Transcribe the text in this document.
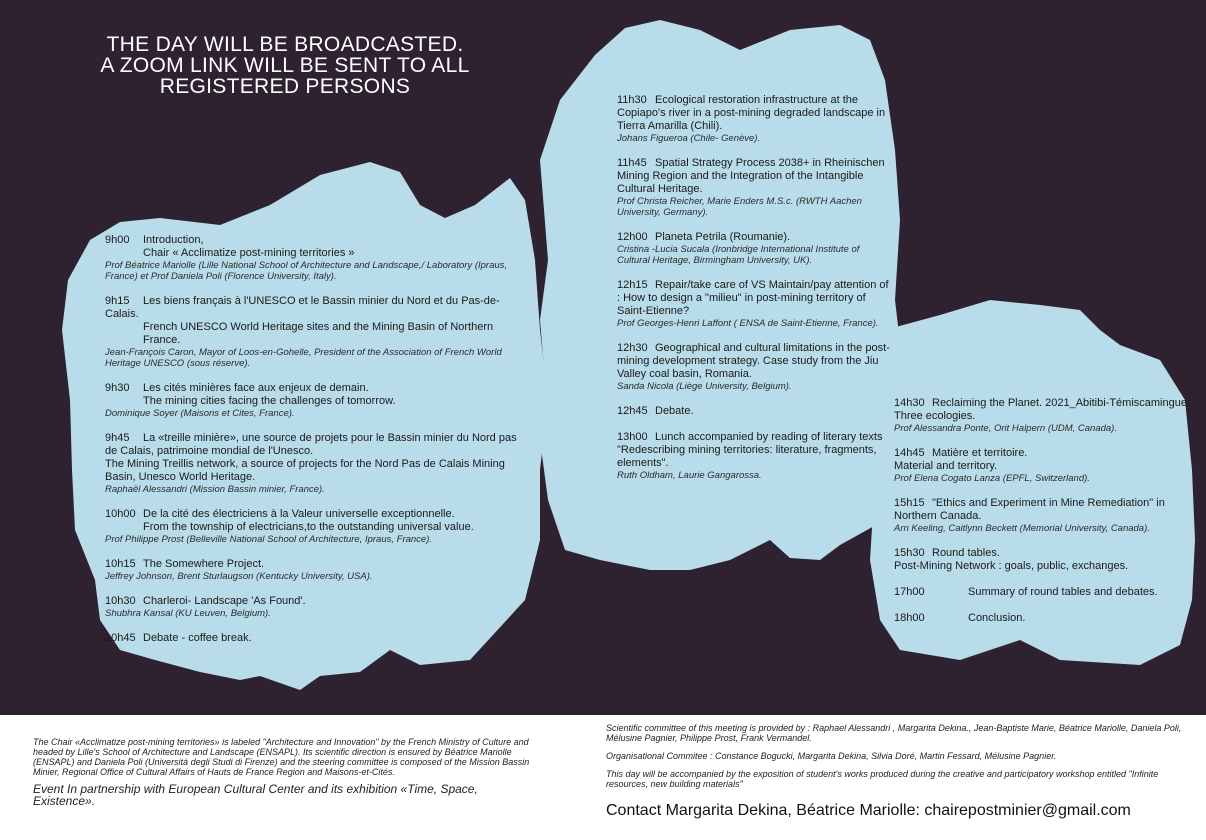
THE DAY WILL BE BROADCASTED.
A ZOOM LINK WILL BE SENT TO ALL
REGISTERED PERSONS
9h00 Introduction,
Chair « Acclimatize post-mining territories »
Prof Béatrice Mariolle (Lille National School of Architecture and Landscape,/ Laboratory (Ipraus, France) et Prof Daniela Poli (Florence University, Italy).
9h15 Les biens français à l'UNESCO et le Bassin minier du Nord et du Pas-de-Calais.
French UNESCO World Heritage sites and the Mining Basin of Northern France.
Jean-François Caron, Mayor of Loos-en-Gohelle, President of the Association of French World Heritage UNESCO (sous réserve).
9h30 Les cités minières face aux enjeux de demain.
The mining cities facing the challenges of tomorrow.
Dominique Soyer (Maisons et Cites, France).
9h45 La «treille minière», une source de projets pour le Bassin minier du Nord pas de Calais, patrimoine mondial de l'Unesco.
The Mining Treillis network, a source of projects for the Nord Pas de Calais Mining Basin, Unesco World Heritage.
Raphaël Alessandri (Mission Bassin minier, France).
10h00 De la cité des électriciens à la Valeur universelle exceptionnelle.
From the township of electricians,to the outstanding universal value.
Prof Philippe Prost (Belleville National School of Architecture, Ipraus, France).
10h15 The Somewhere Project.
Jeffrey Johnson, Brent Sturlaugson (Kentucky University, USA).
10h30 Charleroi- Landscape 'As Found'.
Shubhra Kansal (KU Leuven, Belgium).
10h45 Debate - coffee break.
11h30 Ecological restoration infrastructure at the Copiapo's river in a post-mining degraded landscape in Tierra Amarilla (Chili).
Johans Figueroa (Chile- Genève).
11h45 Spatial Strategy Process 2038+ in Rheinischen Mining Region and the Integration of the Intangible Cultural Heritage.
Prof Christa Reicher, Marie Enders M.S.c. (RWTH Aachen University, Germany).
12h00 Planeta Petrila (Roumanie).
Cristina -Lucia Sucala (Ironbridge International Institute of Cultural Heritage, Birmingham University, UK).
12h15 Repair/take care of VS Maintain/pay attention of : How to design a "milieu" in post-mining territory of Saint-Etienne?
Prof Georges-Henri Laffont ( ENSA de Saint-Etienne, France).
12h30 Geographical and cultural limitations in the post-mining development strategy. Case study from the Jiu Valley coal basin, Romania.
Sanda Nicola (Liège University, Belgium).
12h45 Debate.
13h00 Lunch accompanied by reading of literary texts "Redescribing mining territories: literature, fragments, elements".
Ruth Oldham, Laurie Gangarossa.
14h30 Reclaiming the Planet. 2021_Abitibi-Témiscamingue: Three ecologies.
Prof Alessandra Ponte, Orit Halpern (UDM, Canada).
14h45 Matière et territoire.
Material and territory.
Prof Elena Cogato Lanza (EPFL, Switzerland).
15h15 "Ethics and Experiment in Mine Remediation" in Northern Canada.
Arn Keeling, Caitlynn Beckett (Memorial University, Canada).
15h30 Round tables.
Post-Mining Network : goals, public, exchanges.
17h00	Summary of round tables and debates.
18h00	Conclusion.
The Chair «Acclimatize post-mining territories» is labeled "Architecture and Innovation" by the French Ministry of Culture and headed by Lille's School of Architecture and Landscape (ENSAPL). Its scientific direction is ensured by Béatrice Mariolle (ENSAPL) and Daniela Poli (Università degli Studi di Firenze) and the steering committee is composed of the Mission Bassin Minier, Regional Office of Cultural Affairs of Hauts de France Region and Maisons-et-Cités.
Event In partnership with European Cultural Center and its exhibition «Time, Space, Existence».

Scientific committee of this meeting is provided by : Raphael Alessandri , Margarita Dekina., Jean-Baptiste Marie, Béatrice Mariolle, Daniela Poli, Mélusine Pagnier, Philippe Prost, Frank Vermandel.

Organisational Commitee : Constance Bogucki, Margarita Dekina, Silvia Doré, Martin Fessard, Mélusine Pagnier.

This day will be accompanied by the exposition of student's works produced during the creative and participatory workshop entitled "Infinite resources, new building materials"

Contact Margarita Dekina, Béatrice Mariolle: chairepostminier@gmail.com
